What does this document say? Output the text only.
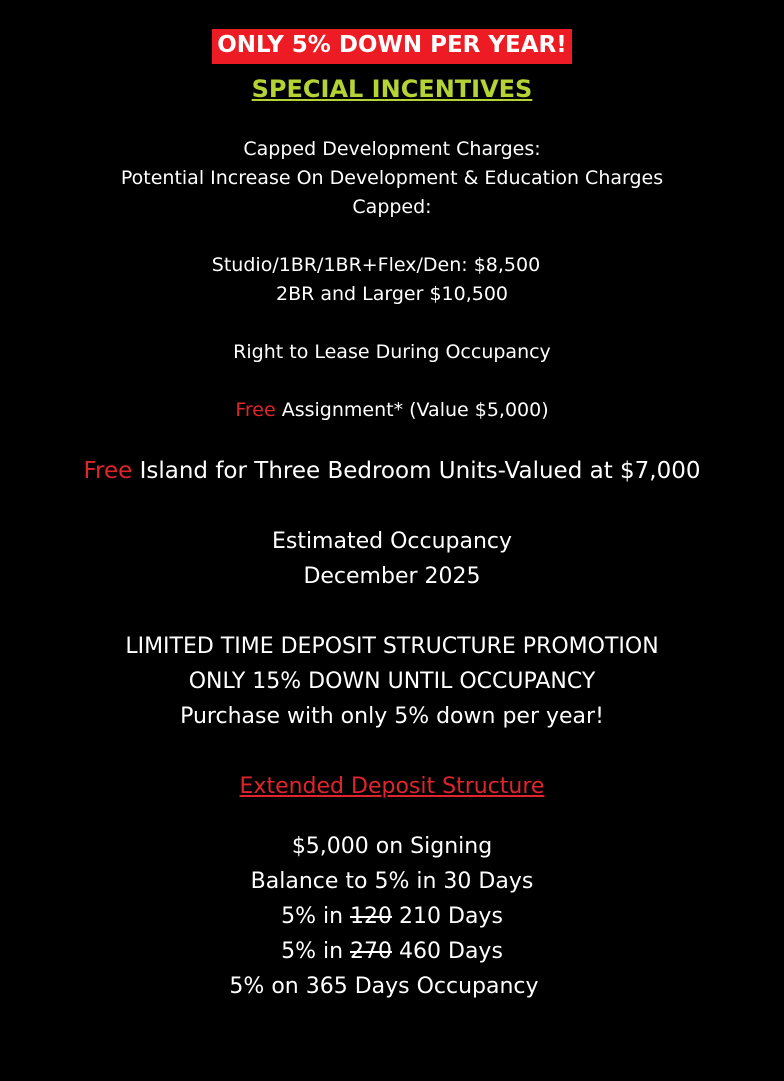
ONLY 5% DOWN PER YEAR!
SPECIAL INCENTIVES
Capped Development Charges:
Potential Increase On Development & Education Charges
Capped:
Studio/1BR/1BR+Flex/Den: $8,500
2BR and Larger $10,500
Right to Lease During Occupancy
Free Assignment* (Value $5,000)
Free Island for Three Bedroom Units-Valued at $7,000
Estimated Occupancy
December 2025
LIMITED TIME DEPOSIT STRUCTURE PROMOTION
ONLY 15% DOWN UNTIL OCCUPANCY
Purchase with only 5% down per year!
Extended Deposit Structure
$5,000 on Signing
Balance to 5% in 30 Days
5% in 120 210 Days
5% in 270 460 Days
5% on 365 Days Occupancy
